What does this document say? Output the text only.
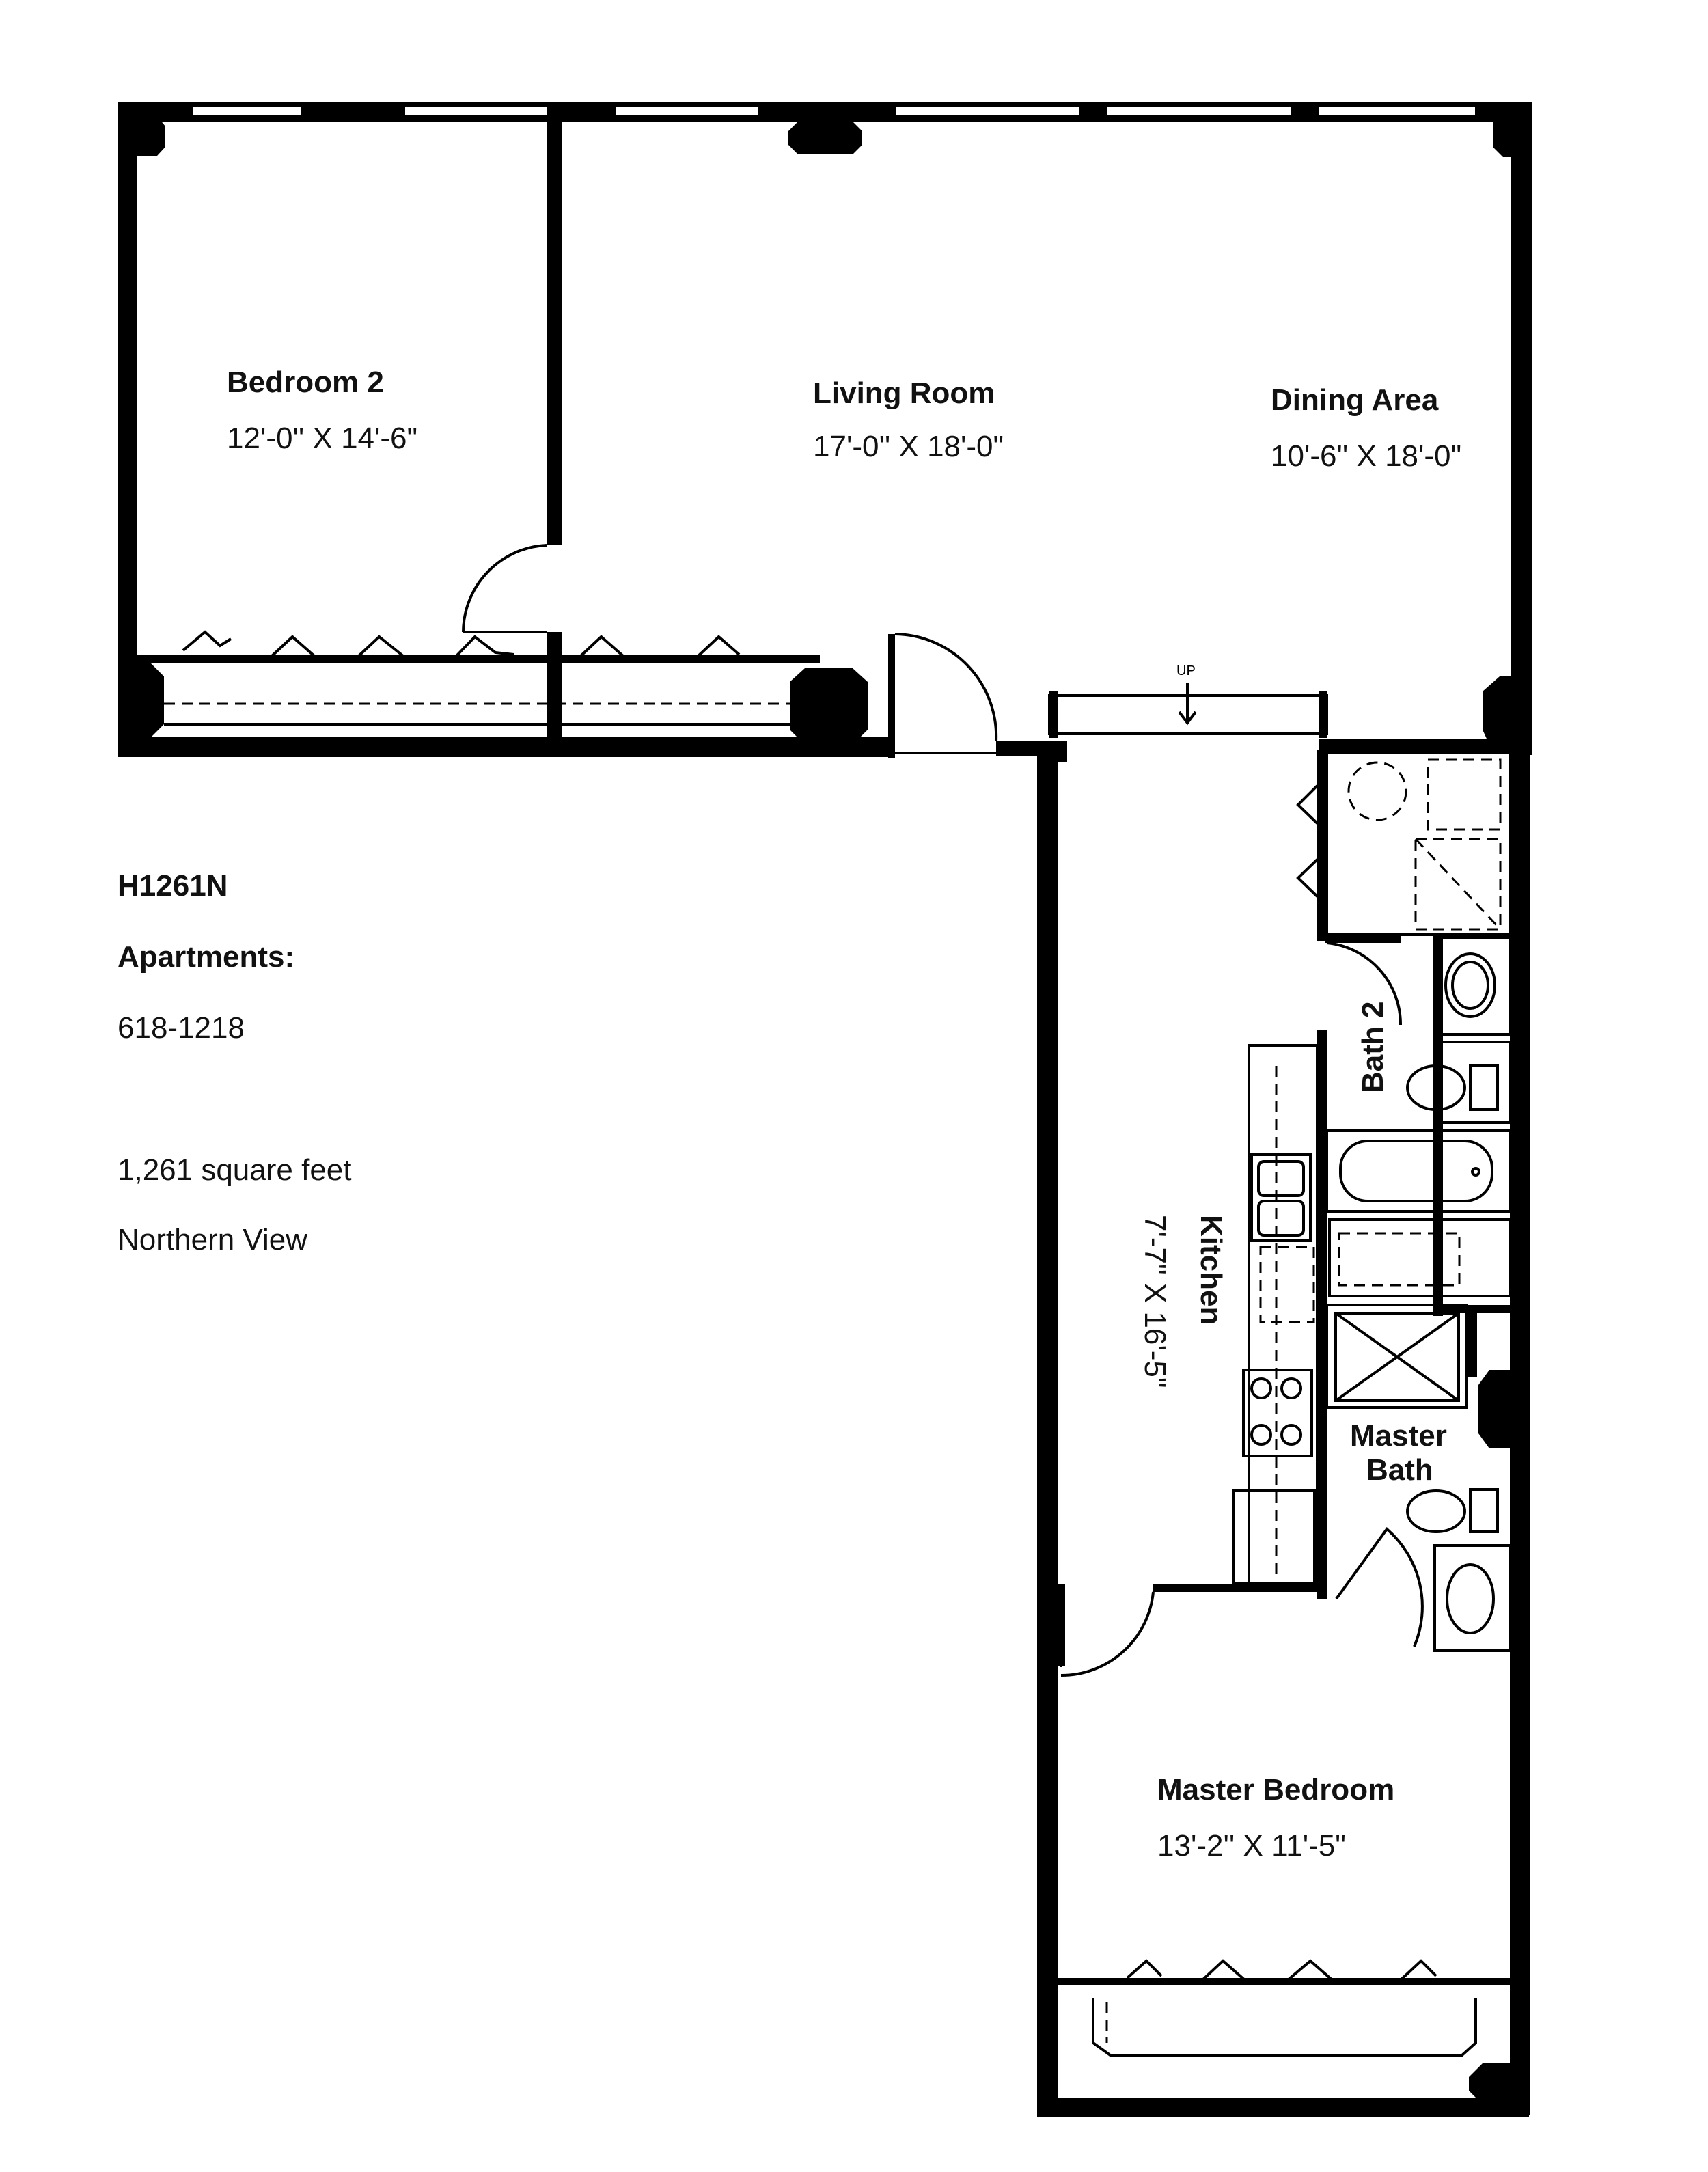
UP
Bedroom 2
12'-0'' X 14'-6"
Living Room
17'-0'' X 18'-0"
Dining Area
10'-6'' X 18'-0"
Kitchen
7'-7" X 16'-5"
Bath 2
Master
Bath
Master Bedroom
13'-2'' X 11'-5"
H1261N
Apartments:
618-1218
1,261 square feet
Northern View
